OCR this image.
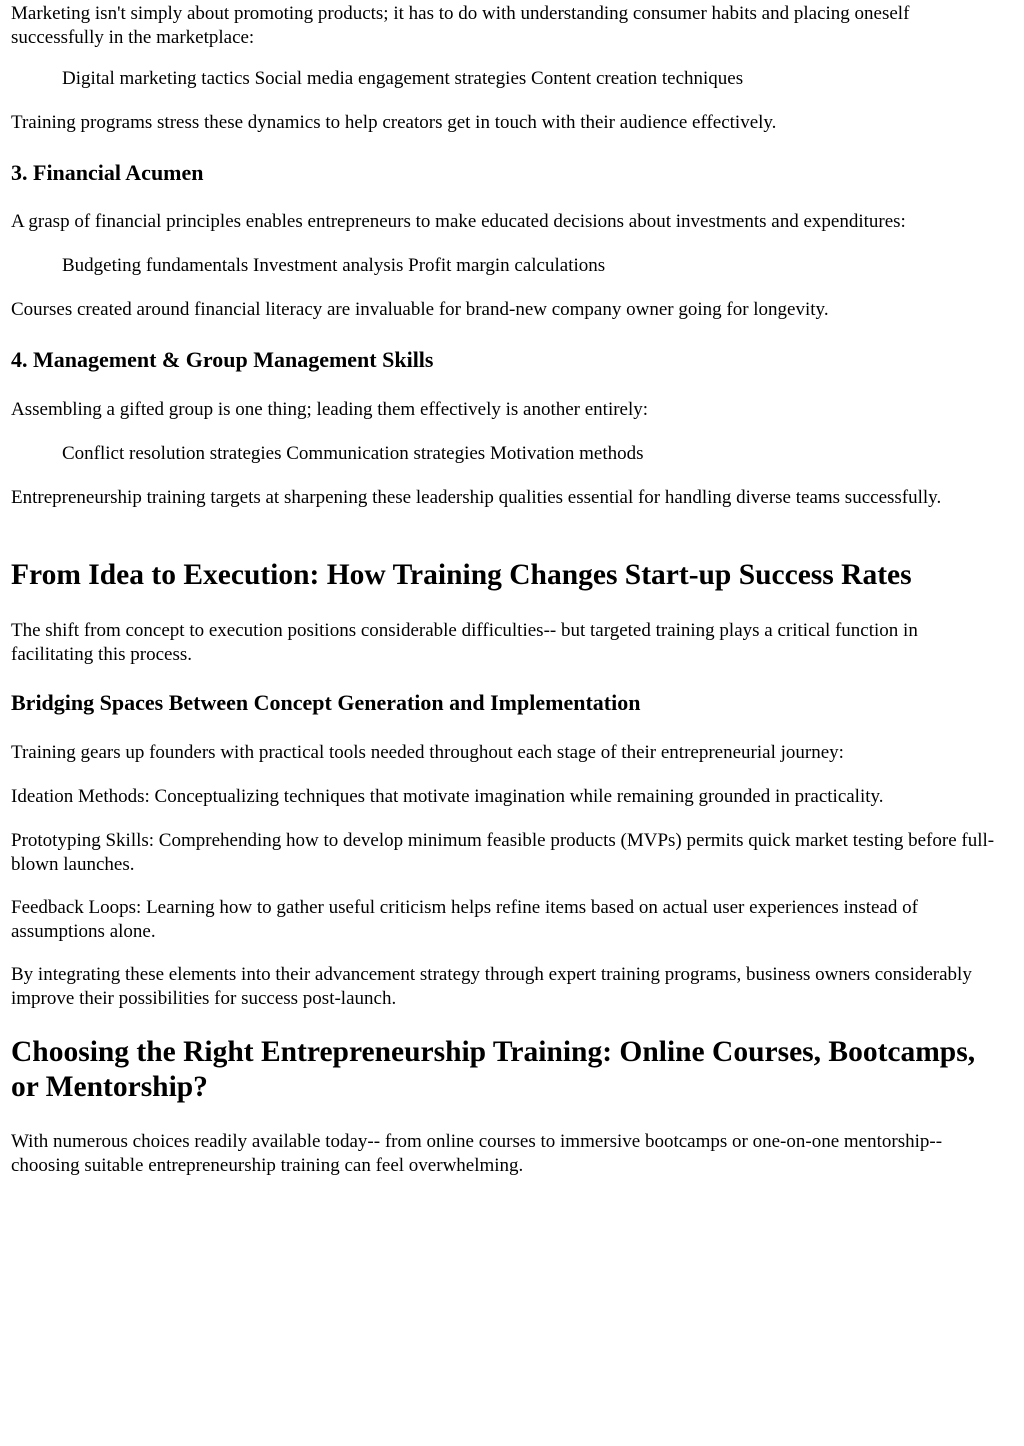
Marketing isn't simply about promoting products; it has to do with understanding consumer habits and placing oneself successfully in the marketplace:

Digital marketing tactics Social media engagement strategies Content creation techniques

Training programs stress these dynamics to help creators get in touch with their audience effectively.

3. Financial Acumen

A grasp of financial principles enables entrepreneurs to make educated decisions about investments and expenditures:

Budgeting fundamentals Investment analysis Profit margin calculations

Courses created around financial literacy are invaluable for brand-new company owner going for longevity.

4. Management & Group Management Skills

Assembling a gifted group is one thing; leading them effectively is another entirely:

Conflict resolution strategies Communication strategies Motivation methods

Entrepreneurship training targets at sharpening these leadership qualities essential for handling diverse teams successfully.

From Idea to Execution: How Training Changes Start-up Success Rates

The shift from concept to execution positions considerable difficulties-- but targeted training plays a critical function in facilitating this process.

Bridging Spaces Between Concept Generation and Implementation

Training gears up founders with practical tools needed throughout each stage of their entrepreneurial journey:

Ideation Methods: Conceptualizing techniques that motivate imagination while remaining grounded in practicality.

Prototyping Skills: Comprehending how to develop minimum feasible products (MVPs) permits quick market testing before full-blown launches.

Feedback Loops: Learning how to gather useful criticism helps refine items based on actual user experiences instead of assumptions alone.

By integrating these elements into their advancement strategy through expert training programs, business owners considerably improve their possibilities for success post-launch.

Choosing the Right Entrepreneurship Training: Online Courses, Bootcamps, or Mentorship?

With numerous choices readily available today-- from online courses to immersive bootcamps or one-on-one mentorship-- choosing suitable entrepreneurship training can feel overwhelming.
